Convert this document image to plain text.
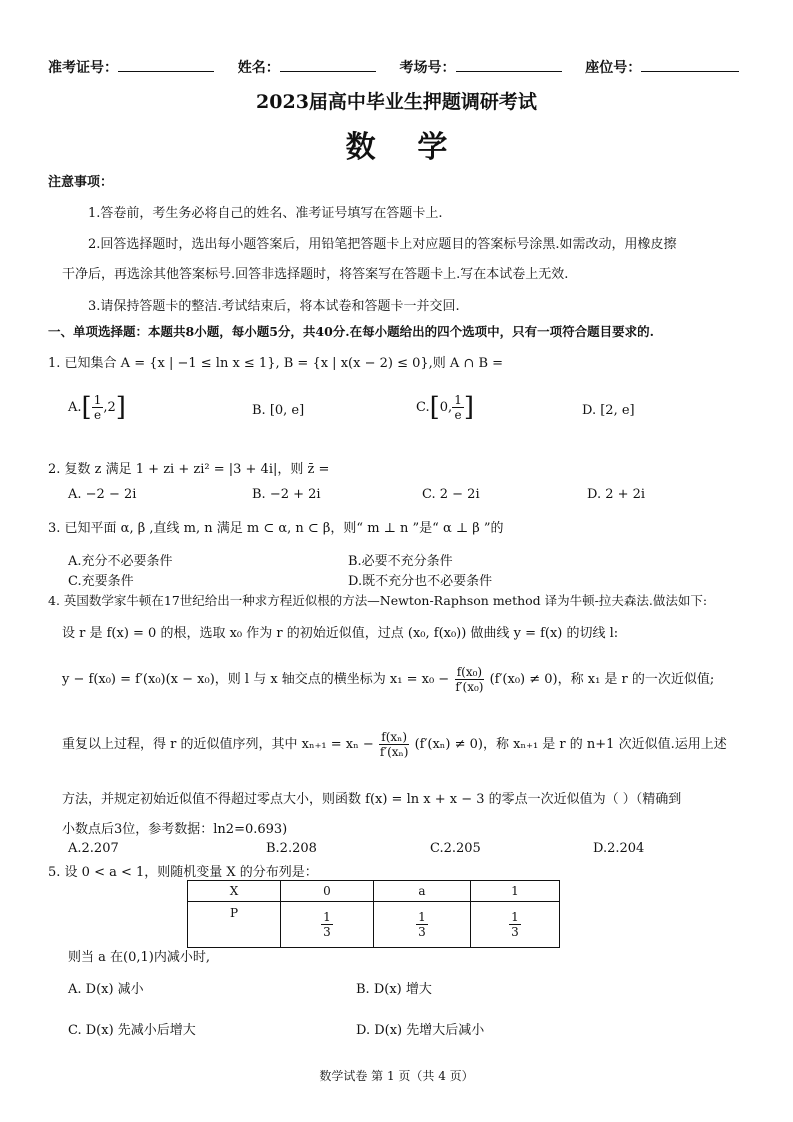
准考证号：	姓名：	考场号：	座位号：
2023届高中毕业生押题调研考试
数    学
注意事项：
1.答卷前，考生务必将自己的姓名、准考证号填写在答题卡上.
2.回答选择题时，选出每小题答案后，用铅笔把答题卡上对应题目的答案标号涂黑.如需改动，用橡皮擦
干净后，再选涂其他答案标号.回答非选择题时，将答案写在答题卡上.写在本试卷上无效.
3.请保持答题卡的整洁.考试结束后，将本试卷和答题卡一并交回.
一、单项选择题：本题共8小题，每小题5分，共40分.在每小题给出的四个选项中，只有一项符合题目要求的.
1. 已知集合 A = {x | −1 ≤ ln x ≤ 1}, B = {x | x(x − 2) ≤ 0},则 A ∩ B =
$A.[ \frac{1}{e} ,2]$	B. [0, e]	C.[0, $\frac{1}{e}$ ]	D. [2, e]
2. 复数 z 满足 1 + zi + zi² = |3 + 4i|，则 z̄ =
A. −2 − 2i	B. −2 + 2i	C. 2 − 2i	D. 2 + 2i
3. 已知平面 α, β ,直线 m, n 满足 m ⊂ α, n ⊂ β，则“ m ⊥ n ”是“ α ⊥ β ”的
A.充分不必要条件	B.必要不充分条件
C.充要条件	D.既不充分也不必要条件
4. 英国数学家牛顿在17世纪给出一种求方程近似根的方法—Newton-Raphson method 译为牛顿-拉夫森法.做法如下:
设 r 是 f(x) = 0 的根，选取 x₀ 作为 r 的初始近似值，过点 (x₀, f(x₀)) 做曲线 y = f(x) 的切线 l:
y − f(x₀) = f′(x₀)(x − x₀)，则 l 与 x 轴交点的横坐标为 $x_1 = x_0 - \frac{\text{f(x₀)}}{\text{f′(x₀)}} (f'(x_0) \ne 0)$，称 x₁ 是 r 的一次近似值;
重复以上过程，得 r 的近似值序列，其中 $x_{n+1} = x_n - \frac{\text{f(xₙ)}}{\text{f′(xₙ)}} (f'(x_n) \ne 0)$，称 xₙ₊₁ 是 r 的 n+1 次近似值.运用上述
方法，并规定初始近似值不得超过零点大小，则函数 f(x) = ln x + x − 3 的零点一次近似值为（ ）（精确到
小数点后3位，参考数据：ln2=0.693)
A.2.207	B.2.208	C.2.205	D.2.204
5. 设 0 < a < 1，则随机变量 X 的分布列是：
X	0	a	1
P	$\frac{1}{3}$	$\frac{1}{3}$	$\frac{1}{3}$
则当 a 在(0,1)内减小时,
A. D(x) 减小	B. D(x) 增大
C. D(x) 先减小后增大	D. D(x) 先增大后减小
数学试卷 第 1 页（共 4 页）
